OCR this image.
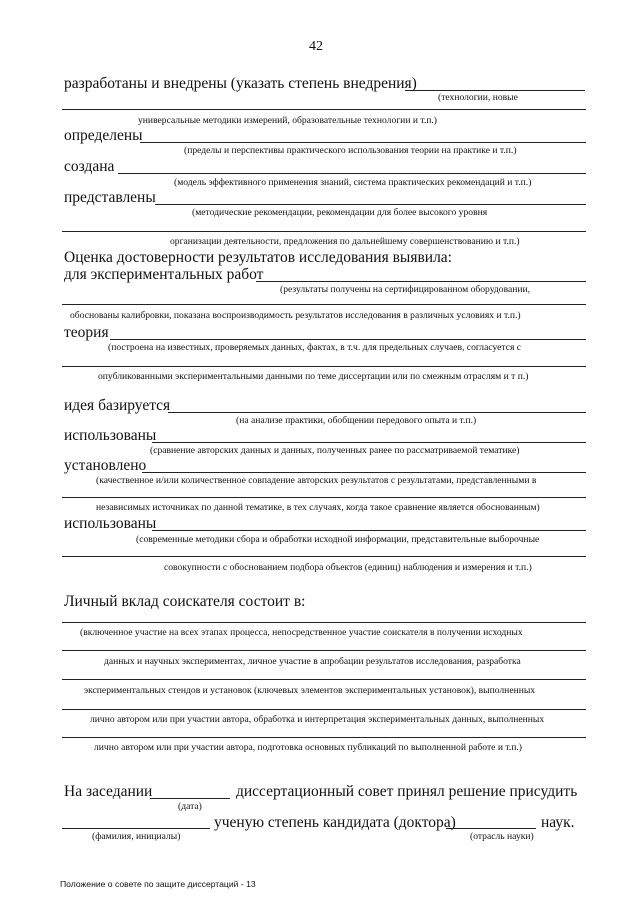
42
разработаны и внедрены (указать степень внедрения)
(технологии, новые
универсальные методики измерений, образовательные технологии и т.п.)
определены
(пределы и перспективы практического использования теории на практике и т.п.)
создана
(модель эффективного применения знаний, система практических рекомендаций и т.п.)
представлены
(методические рекомендации, рекомендации для более высокого уровня
организации деятельности, предложения по дальнейшему совершенствованию и т.п.)
Оценка достоверности результатов исследования выявила:
для экспериментальных работ
(результаты получены на сертифицированном оборудовании,
обоснованы калибровки, показана воспроизводимость результатов исследования в различных условиях и т.п.)
теория
(построена на известных, проверяемых данных, фактах, в т.ч. для предельных случаев, согласуется с
опубликованными экспериментальными данными по теме диссертации или по смежным отраслям и т п.)
идея базируется
(на анализе практики, обобщении передового опыта и т.п.)
использованы
(сравнение авторских данных и данных, полученных ранее по рассматриваемой тематике)
установлено
(качественное и/или количественное совпадение авторских результатов с результатами, представленными в
независимых источниках по данной тематике, в тех случаях, когда такое сравнение является обоснованным)
использованы
(современные методики сбора и обработки исходной информации, представительные выборочные
совокупности с обоснованием подбора объектов (единиц) наблюдения и измерения и т.п.)
Личный вклад соискателя состоит в:
(включенное участие на всех этапах процесса, непосредственное участие соискателя в получении исходных
данных и научных экспериментах, личное участие в апробации результатов исследования, разработка
экспериментальных стендов и установок (ключевых элементов экспериментальных установок), выполненных
лично автором или при участии автора, обработка и интерпретация экспериментальных данных, выполненных
лично автором или при участии автора, подготовка основных публикаций по выполненной работе и т.п.)
На заседании	диссертационный совет принял решение присудить
(дата)
ученую степень кандидата (доктора)	наук.
(фамилия, инициалы)	(отрасль науки)
Положение о совете по защите диссертаций - 13
